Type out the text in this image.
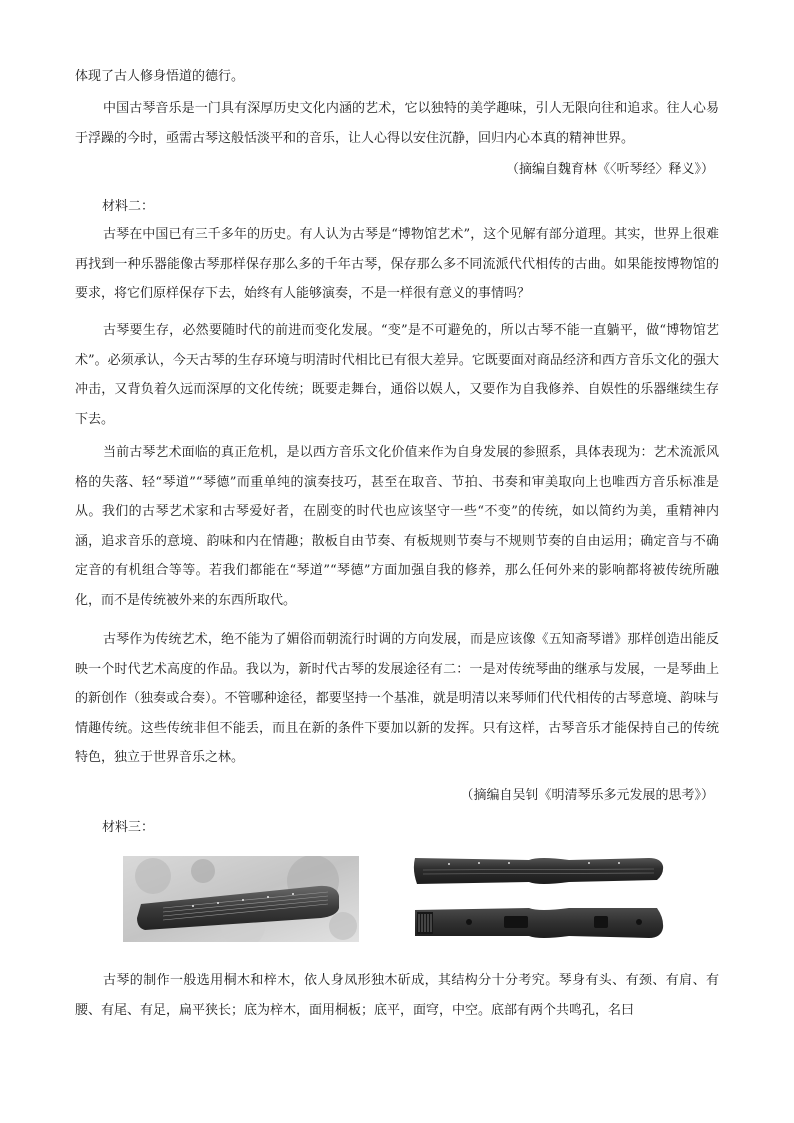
体现了古人修身悟道的德行。

中国古琴音乐是一门具有深厚历史文化内涵的艺术，它以独特的美学趣味，引人无限向往和追求。往人心易于浮躁的今时，亟需古琴这般恬淡平和的音乐，让人心得以安住沉静，回归内心本真的精神世界。

（摘编自魏育林《〈听琴经〉释义》）

材料二：

古琴在中国已有三千多年的历史。有人认为古琴是“博物馆艺术”，这个见解有部分道理。其实，世界上很难再找到一种乐器能像古琴那样保存那么多的千年古琴，保存那么多不同流派代代相传的古曲。如果能按博物馆的要求，将它们原样保存下去，始终有人能够演奏，不是一样很有意义的事情吗？

古琴要生存，必然要随时代的前进而变化发展。“变”是不可避免的，所以古琴不能一直躺平，做“博物馆艺术”。必须承认，今天古琴的生存环境与明清时代相比已有很大差异。它既要面对商品经济和西方音乐文化的强大冲击，又背负着久远而深厚的文化传统；既要走舞台，通俗以娱人，又要作为自我修养、自娱性的乐器继续生存下去。

当前古琴艺术面临的真正危机，是以西方音乐文化价值来作为自身发展的参照系，具体表现为：艺术流派风格的失落、轻“琴道”“琴德”而重单纯的演奏技巧，甚至在取音、节拍、书奏和审美取向上也唯西方音乐标准是从。我们的古琴艺术家和古琴爱好者，在剧变的时代也应该坚守一些“不变”的传统，如以简约为美，重精神内涵，追求音乐的意境、韵味和内在情趣；散板自由节奏、有板规则节奏与不规则节奏的自由运用；确定音与不确定音的有机组合等等。若我们都能在“琴道”“琴德”方面加强自我的修养，那么任何外来的影响都将被传统所融化，而不是传统被外来的东西所取代。

古琴作为传统艺术，绝不能为了媚俗而朝流行时调的方向发展，而是应该像《五知斋琴谱》那样创造出能反映一个时代艺术高度的作品。我以为，新时代古琴的发展途径有二：一是对传统琴曲的继承与发展，一是琴曲上的新创作（独奏或合奏）。不管哪种途径，都要坚持一个基准，就是明清以来琴师们代代相传的古琴意境、韵味与情趣传统。这些传统非但不能丢，而且在新的条件下要加以新的发挥。只有这样，古琴音乐才能保持自己的传统特色，独立于世界音乐之林。

（摘编自吴钊《明清琴乐多元发展的思考》）

材料三：

古琴的制作一般选用桐木和梓木，依人身凤形独木斫成，其结构分十分考究。琴身有头、有颈、有肩、有腰、有尾、有足，扁平狭长；底为梓木，面用桐板；底平，面穹，中空。底部有两个共鸣孔，名曰
